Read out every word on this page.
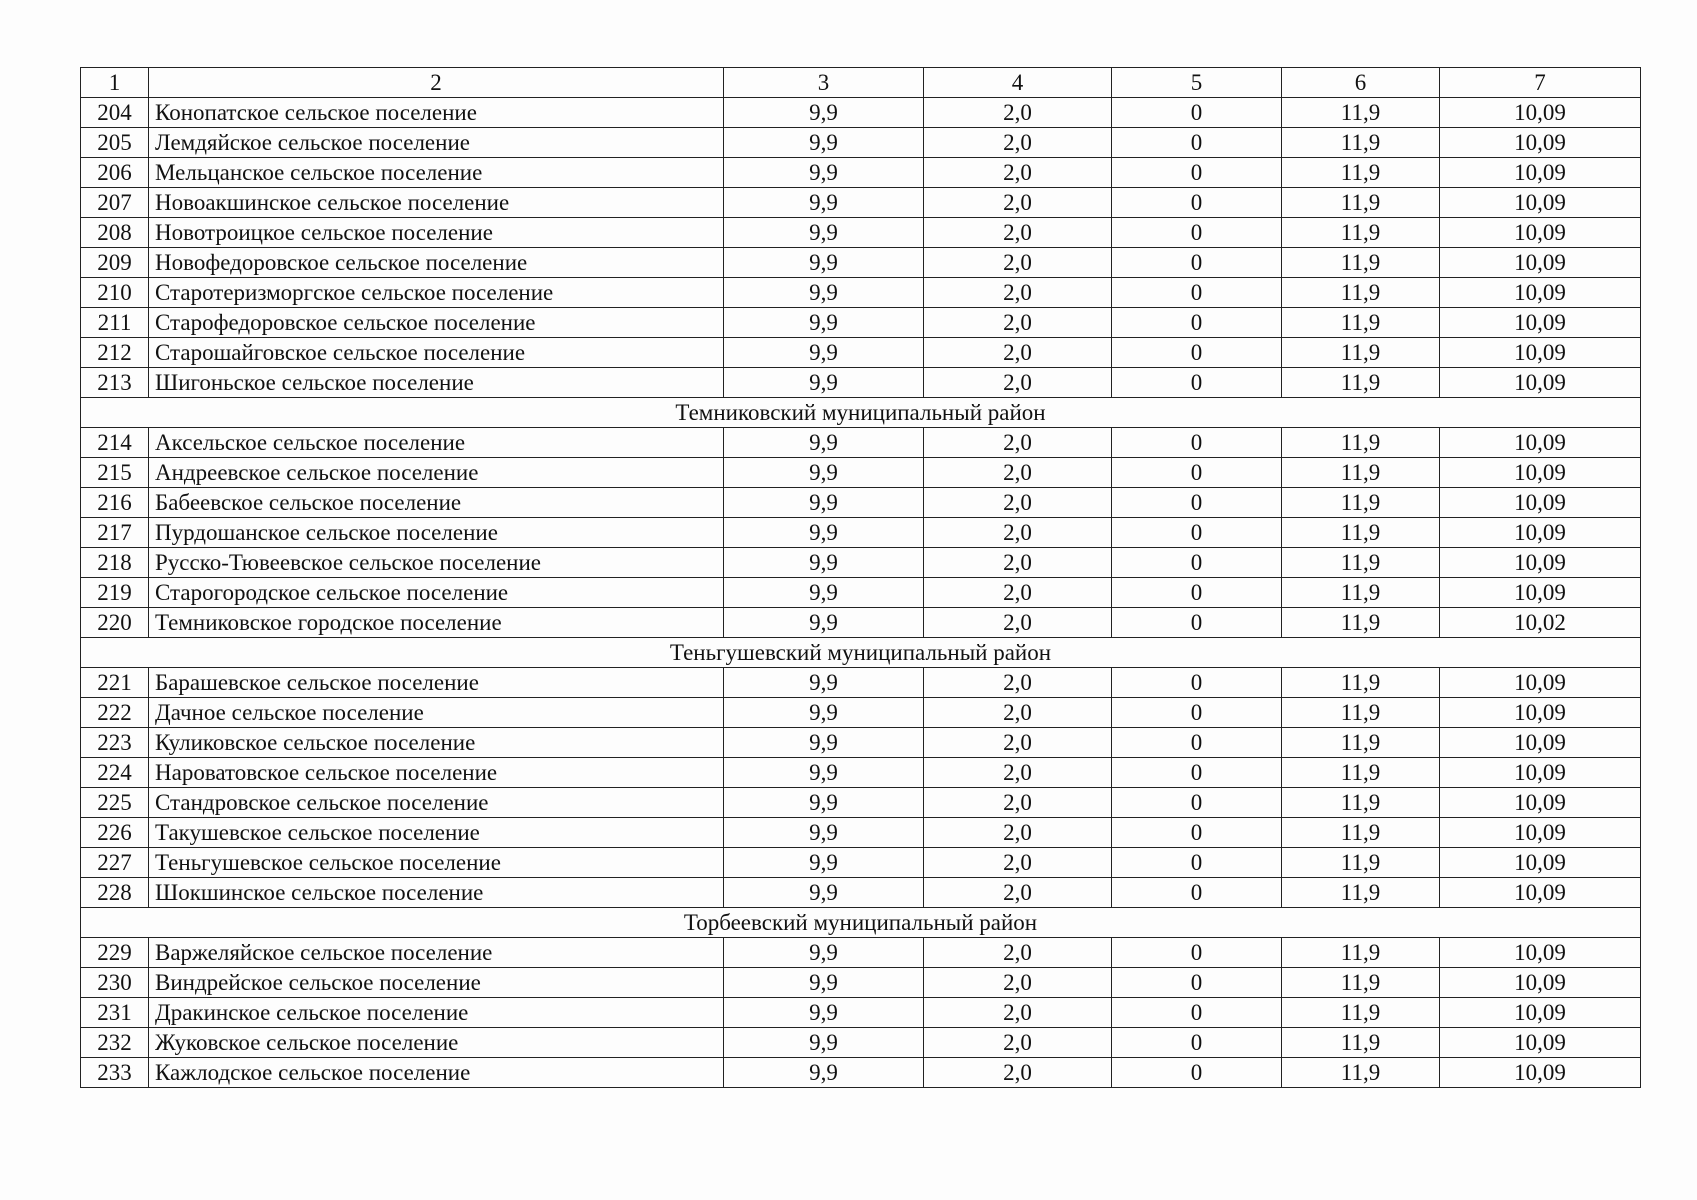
1	2	3	4	5	6	7
204	Конопатское сельское поселение	9,9	2,0	0	11,9	10,09
205	Лемдяйское сельское поселение	9,9	2,0	0	11,9	10,09
206	Мельцанское сельское поселение	9,9	2,0	0	11,9	10,09
207	Новоакшинское сельское поселение	9,9	2,0	0	11,9	10,09
208	Новотроицкое сельское поселение	9,9	2,0	0	11,9	10,09
209	Новофедоровское сельское поселение	9,9	2,0	0	11,9	10,09
210	Старотеризморгское сельское поселение	9,9	2,0	0	11,9	10,09
211	Старофедоровское сельское поселение	9,9	2,0	0	11,9	10,09
212	Старошайговское сельское поселение	9,9	2,0	0	11,9	10,09
213	Шигоньское сельское поселение	9,9	2,0	0	11,9	10,09
Темниковский муниципальный район						
214	Аксельское сельское поселение	9,9	2,0	0	11,9	10,09
215	Андреевское сельское поселение	9,9	2,0	0	11,9	10,09
216	Бабеевское сельское поселение	9,9	2,0	0	11,9	10,09
217	Пурдошанское сельское поселение	9,9	2,0	0	11,9	10,09
218	Русско-Тювеевское сельское поселение	9,9	2,0	0	11,9	10,09
219	Старогородское сельское поселение	9,9	2,0	0	11,9	10,09
220	Темниковское городское поселение	9,9	2,0	0	11,9	10,02
Теньгушевский муниципальный район						
221	Барашевское сельское поселение	9,9	2,0	0	11,9	10,09
222	Дачное сельское поселение	9,9	2,0	0	11,9	10,09
223	Куликовское сельское поселение	9,9	2,0	0	11,9	10,09
224	Нароватовское сельское поселение	9,9	2,0	0	11,9	10,09
225	Стандровское сельское поселение	9,9	2,0	0	11,9	10,09
226	Такушевское сельское поселение	9,9	2,0	0	11,9	10,09
227	Теньгушевское сельское поселение	9,9	2,0	0	11,9	10,09
228	Шокшинское сельское поселение	9,9	2,0	0	11,9	10,09
Торбеевский муниципальный район						
229	Варжеляйское сельское поселение	9,9	2,0	0	11,9	10,09
230	Виндрейское сельское поселение	9,9	2,0	0	11,9	10,09
231	Дракинское сельское поселение	9,9	2,0	0	11,9	10,09
232	Жуковское сельское поселение	9,9	2,0	0	11,9	10,09
233	Кажлодское сельское поселение	9,9	2,0	0	11,9	10,09
